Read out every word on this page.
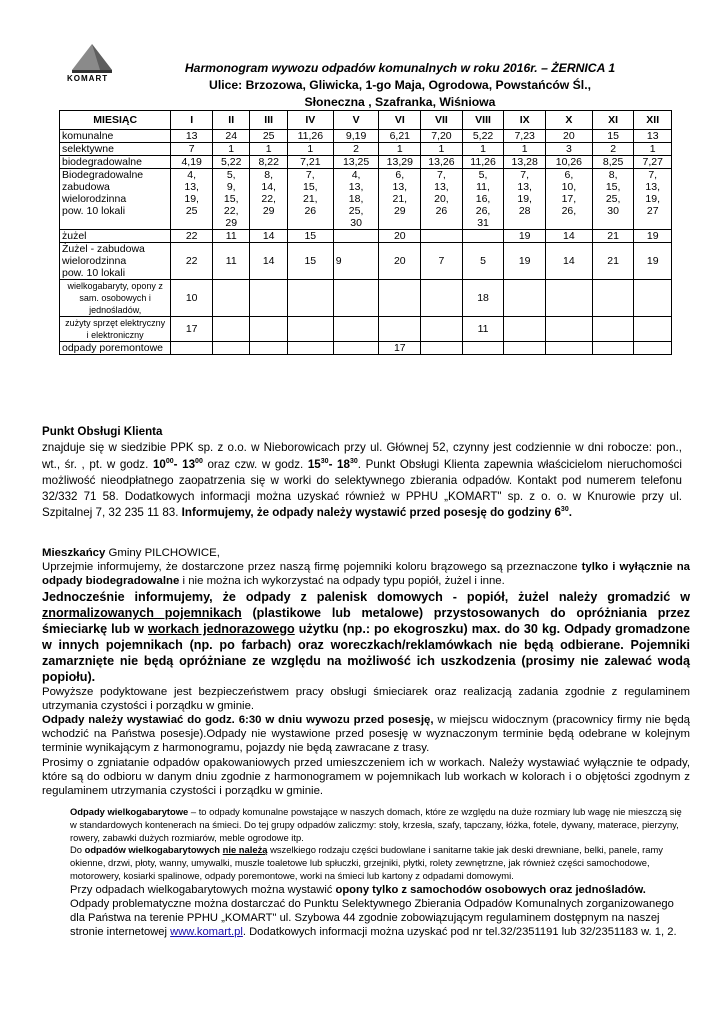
KOMART
Harmonogram wywozu odpadów komunalnych w roku 2016r. – ŻERNICA 1
Ulice: Brzozowa, Gliwicka, 1-go Maja, Ogrodowa, Powstańców Śl.,
Słoneczna , Szafranka, Wiśniowa
MIESIĄC	I	II	III	IV	V	VI	VII	VIII	IX	X	XI	XII
komunalne	13	24	25	11,26	9,19	6,21	7,20	5,22	7,23	20	15	13
selektywne	7	1	1	1	2	1	1	1	1	3	2	1
biodegradowalne	4,19	5,22	8,22	7,21	13,25	13,29	13,26	11,26	13,28	10,26	8,25	7,27
Biodegradowalne
zabudowa
wielorodzinna
pow. 10 lokali	4,
13,
19,
25	5,
9,
15,
22,
29	8,
14,
22,
29	7,
15,
21,
26	4,
13,
18,
25,
30	6,
13,
21,
29	7,
13,
20,
26	5,
11,
16,
26,
31	7,
13,
19,
28	6,
10,
17,
26,	8,
15,
25,
30	7,
13,
19,
27
żużel	22	11	14	15		20			19	14	21	19
Żużel - zabudowa
wielorodzinna
pow. 10 lokali	22	11	14	15	9	20	7	5	19	14	21	19
wielkogabaryty, opony z
sam. osobowych i
jednośladów,	10							18				
zużyty sprzęt elektryczny
i elektroniczny	17							11				
odpady poremontowe						17						
Punkt Obsługi Klienta
znajduje się w siedzibie PPK sp. z o.o. w Nieborowicach przy ul. Głównej 52, czynny jest codziennie w dni robocze: pon., wt., śr. , pt. w godz. $10^{00}-$ $13^{00}$ oraz czw. w godz. $15^{30}-$ $18^{30}$. Punkt Obsługi Klienta zapewnia właścicielom nieruchomości możliwość nieodpłatnego zaopatrzenia się w worki do selektywnego zbierania odpadów. Kontakt pod numerem telefonu 32/332 71 58. Dodatkowych informacji można uzyskać również w PPHU „KOMART" sp. z o. o. w Knurowie przy ul. Szpitalnej 7, 32 235 11 83. Informujemy, że odpady należy wystawić przed posesję do godziny $6^{30}$.

Mieszkańcy Gminy PILCHOWICE,

Uprzejmie informujemy, że dostarczone przez naszą firmę pojemniki koloru brązowego są przeznaczone tylko i wyłącznie na odpady biodegradowalne i nie można ich wykorzystać na odpady typu popiół, żużel i inne.

Jednocześnie informujemy, że odpady z palenisk domowych - popiół, żużel należy gromadzić w znormalizowanych pojemnikach (plastikowe lub metalowe) przystosowanych do opróżniania przez śmieciarkę lub w workach jednorazowego użytku (np.: po ekogroszku) max. do 30 kg. Odpady gromadzone w innych pojemnikach (np. po farbach) oraz woreczkach/reklamówkach nie będą odbierane. Pojemniki zamarznięte nie będą opróżniane ze względu na możliwość ich uszkodzenia (prosimy nie zalewać wodą popiołu).

Powyższe podyktowane jest bezpieczeństwem pracy obsługi śmieciarek oraz realizacją zadania zgodnie z regulaminem utrzymania czystości i porządku w gminie.

Odpady należy wystawiać do godz. 6:30 w dniu wywozu przed posesję, w miejscu widocznym (pracownicy firmy nie będą wchodzić na Państwa posesje).Odpady nie wystawione przed posesję w wyznaczonym terminie będą odebrane w kolejnym terminie wynikającym z harmonogramu, pojazdy nie będą zawracane z trasy.

Prosimy o zgniatanie odpadów opakowaniowych przed umieszczeniem ich w workach. Należy wystawiać wyłącznie te odpady, które są do odbioru w danym dniu zgodnie z harmonogramem w pojemnikach lub workach w kolorach i o objętości zgodnym z regulaminem utrzymania czystości i porządku w gminie.

Odpady wielkogabarytowe – to odpady komunalne powstające w naszych domach, które ze względu na duże rozmiary lub wagę nie mieszczą się w standardowych kontenerach na śmieci. Do tej grupy odpadów zaliczmy: stoły, krzesła, szafy, tapczany, łóżka, fotele, dywany, materace, pierzyny, rowery, zabawki dużych rozmiarów, meble ogrodowe itp.

Do odpadów wielkogabarytowych nie należą wszelkiego rodzaju części budowlane i sanitarne takie jak deski drewniane, belki, panele, ramy okienne, drzwi, płoty, wanny, umywalki, muszle toaletowe lub spłuczki, grzejniki, płytki, rolety zewnętrzne, jak również części samochodowe, motorowery, kosiarki spalinowe, odpady poremontowe, worki na śmieci lub kartony z odpadami domowymi.

Przy odpadach wielkogabarytowych można wystawić opony tylko z samochodów osobowych oraz jednośladów.

Odpady problematyczne można dostarczać do Punktu Selektywnego Zbierania Odpadów Komunalnych zorganizowanego dla Państwa na terenie PPHU „KOMART" ul. Szybowa 44 zgodnie zobowiązującym regulaminem dostępnym na naszej stronie internetowej www.komart.pl. Dodatkowych informacji można uzyskać pod nr tel.32/2351191 lub 32/2351183 w. 1, 2.
